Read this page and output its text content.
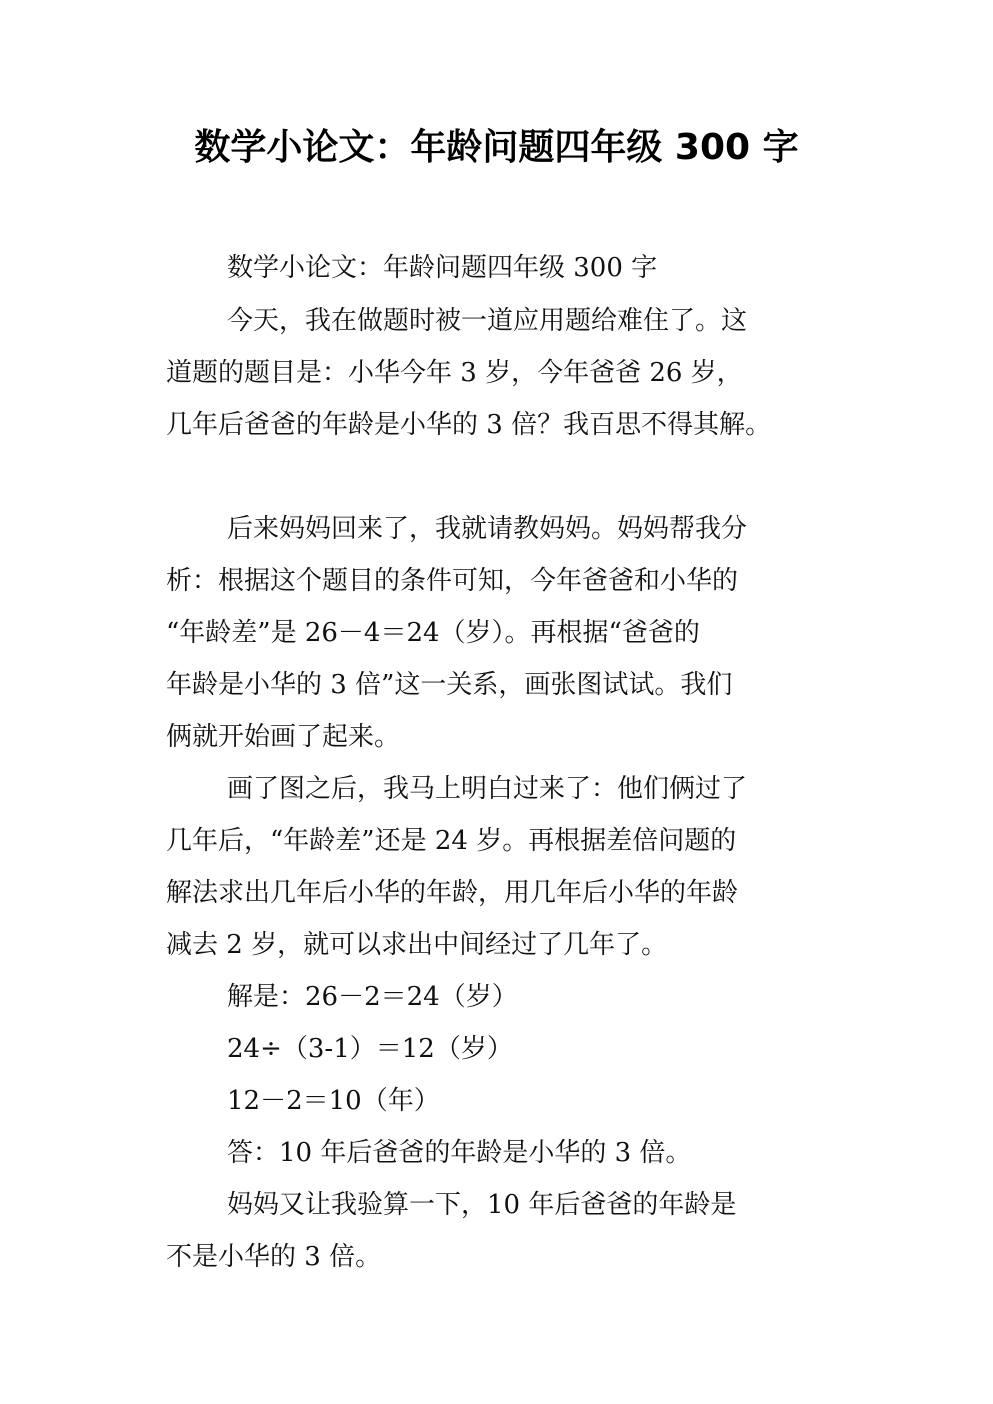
数学小论文：年龄问题四年级 300 字
数学小论文：年龄问题四年级 300 字
今天，我在做题时被一道应用题给难住了。这
道题的题目是：小华今年 3 岁，今年爸爸 26 岁，
几年后爸爸的年龄是小华的 3 倍？我百思不得其解。
后来妈妈回来了，我就请教妈妈。妈妈帮我分
析：根据这个题目的条件可知，今年爸爸和小华的
“年龄差”是 26－4＝24（岁）。再根据“爸爸的
年龄是小华的 3 倍”这一关系，画张图试试。我们
俩就开始画了起来。
画了图之后，我马上明白过来了：他们俩过了
几年后，“年龄差”还是 24 岁。再根据差倍问题的
解法求出几年后小华的年龄，用几年后小华的年龄
减去 2 岁，就可以求出中间经过了几年了。
解是：26－2＝24（岁）
24÷（3-1）＝12（岁）
12－2＝10（年）
答：10 年后爸爸的年龄是小华的 3 倍。
妈妈又让我验算一下，10 年后爸爸的年龄是
不是小华的 3 倍。
